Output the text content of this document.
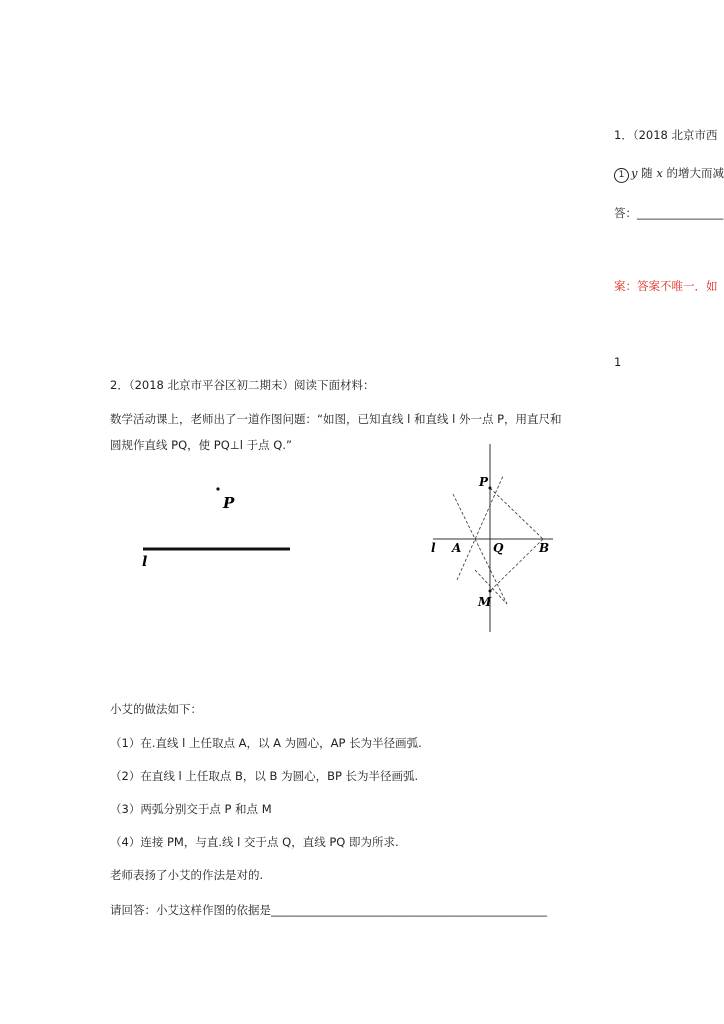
1．（2018 北京市西
1 y 随 x 的增大而减
答：_______________
案：答案不唯一．如
1
2．（2018 北京市平谷区初二期末）阅读下面材料：
数学活动课上，老师出了一道作图问题：“如图，已知直线 l 和直线 l 外一点 P，用直尺和
圆规作直线 PQ，使 PQ⊥l 于点 Q.”
P
l
P
l A	Q	B
M
小艾的做法如下：
（1）在.直线 l 上任取点 A，以 A 为圆心，AP 长为半径画弧.
（2）在直线 l 上任取点 B，以 B 为圆心，BP 长为半径画弧.
（3）两弧分别交于点 P 和点 M
（4）连接 PM，与直.线 l 交于点 Q，直线 PQ 即为所求.
老师表扬了小艾的作法是对的.
请回答：小艾这样作图的依据是________________________________________________
